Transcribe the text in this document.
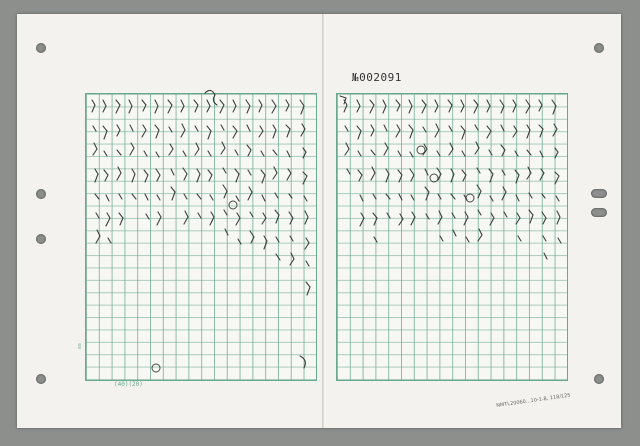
№002091
(40)(20)
≡≡
NMTL20060...10-1-8, 118/125
